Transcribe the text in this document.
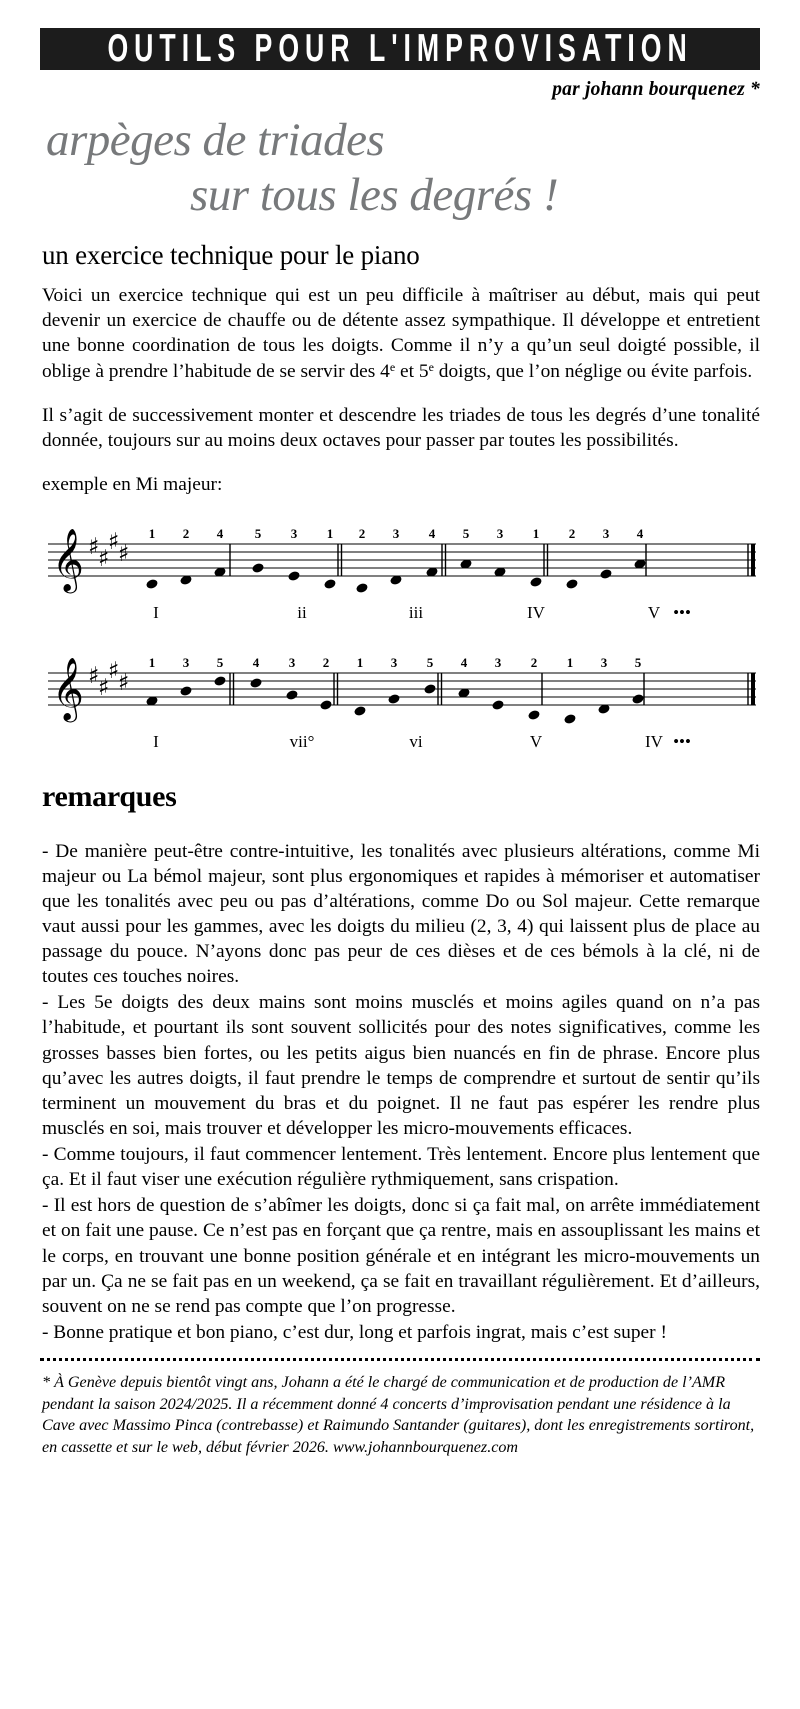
OUTILS POUR L'IMPROVISATION
par johann bourquenez *
arpèges de triades
sur tous les degrés !
un exercice technique pour le piano

Voici un exercice technique qui est un peu difficile à maîtriser au début, mais qui peut devenir un exercice de chauffe ou de détente assez sympathique. Il développe et entretient une bonne coordination de tous les doigts. Comme il n’y a qu’un seul doigté possible, il oblige à prendre l’habitude de se servir des 4e et 5e doigts, que l’on néglige ou évite parfois.

Il s’agit de successivement monter et descendre les triades de tous les degrés d’une tonalité donnée, toujours sur au moins deux octaves pour passer par toutes les possibilités.

exemple en Mi majeur:
𝄞 ♯
♯
♯
♯
1 2 4 5 3 1 2 3 4 5 3 1 2 3 4
I	ii	iii	IV	V •••
𝄞 ♯
♯
♯
♯
1 3 5 4 3 2 1 3 5 4 3 2 1 3 5
I	vii°	vi	V	IV •••
remarques

- De manière peut-être contre-intuitive, les tonalités avec plusieurs altérations, comme Mi majeur ou La bémol majeur, sont plus ergonomiques et rapides à mémoriser et automatiser que les tonalités avec peu ou pas d’altérations, comme Do ou Sol majeur. Cette remarque vaut aussi pour les gammes, avec les doigts du milieu (2, 3, 4) qui laissent plus de place au passage du pouce. N’ayons donc pas peur de ces dièses et de ces bémols à la clé, ni de toutes ces touches noires.

- Les 5e doigts des deux mains sont moins musclés et moins agiles quand on n’a pas l’habitude, et pourtant ils sont souvent sollicités pour des notes significatives, comme les grosses basses bien fortes, ou les petits aigus bien nuancés en fin de phrase. Encore plus qu’avec les autres doigts, il faut prendre le temps de comprendre et surtout de sentir qu’ils terminent un mouvement du bras et du poignet. Il ne faut pas espérer les rendre plus musclés en soi, mais trouver et développer les micro-mouvements efficaces.

- Comme toujours, il faut commencer lentement. Très lentement. Encore plus lentement que ça. Et il faut viser une exécution régulière rythmiquement, sans crispation.

- Il est hors de question de s’abîmer les doigts, donc si ça fait mal, on arrête immédiatement et on fait une pause. Ce n’est pas en forçant que ça rentre, mais en assouplissant les mains et le corps, en trouvant une bonne position générale et en intégrant les micro-mouvements un par un. Ça ne se fait pas en un weekend, ça se fait en travaillant régulièrement. Et d’ailleurs, souvent on ne se rend pas compte que l’on progresse.

- Bonne pratique et bon piano, c’est dur, long et parfois ingrat, mais c’est super !

* À Genève depuis bientôt vingt ans, Johann a été le chargé de communication et de production de l’AMR pendant la saison 2024/2025. Il a récemment donné 4 concerts d’improvisation pendant une résidence à la Cave avec Massimo Pinca (contrebasse) et Raimundo Santander (guitares), dont les enregistrements sortiront, en cassette et sur le web, début février 2026. www.johannbourquenez.com
